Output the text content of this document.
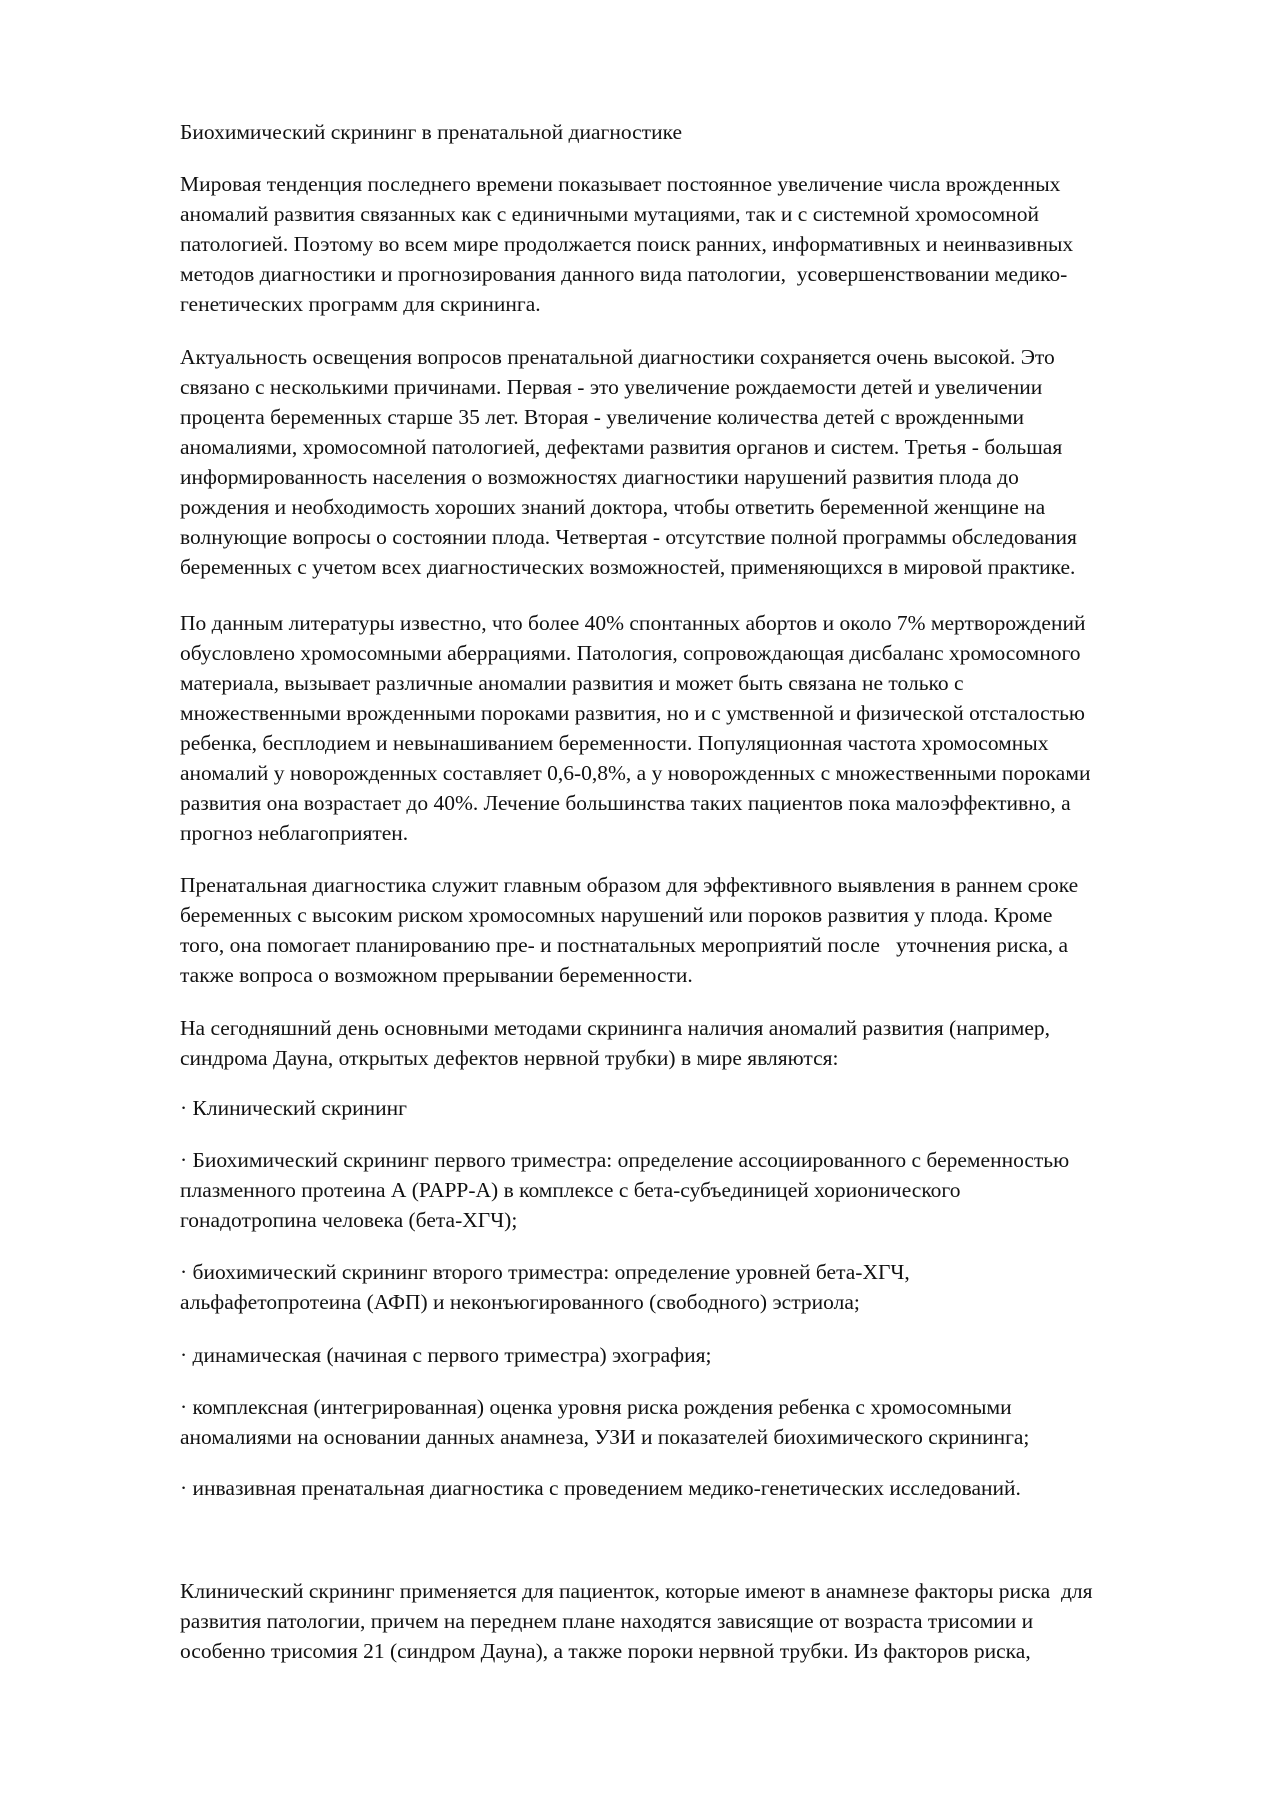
Биохимический скрининг в пренатальной диагностике
Мировая тенденция последнего времени показывает постоянное увеличение числа врожденных
аномалий развития связанных как с единичными мутациями, так и с системной хромосомной
патологией. Поэтому во всем мире продолжается поиск ранних, информативных и неинвазивных
методов диагностики и прогнозирования данного вида патологии,  усовершенствовании медико-
генетических программ для скрининга.
Актуальность освещения вопросов пренатальной диагностики сохраняется очень высокой. Это
связано с несколькими причинами. Первая - это увеличение рождаемости детей и увеличении
процента беременных старше 35 лет. Вторая - увеличение количества детей с врожденными
аномалиями, хромосомной патологией, дефектами развития органов и систем. Третья - большая
информированность населения о возможностях диагностики нарушений развития плода до
рождения и необходимость хороших знаний доктора, чтобы ответить беременной женщине на
волнующие вопросы о состоянии плода. Четвертая - отсутствие полной программы обследования
беременных с учетом всех диагностических возможностей, применяющихся в мировой практике.
По данным литературы известно, что более 40% спонтанных абортов и около 7% мертворождений
обусловлено хромосомными аберрациями. Патология, сопровождающая дисбаланс хромосомного
материала, вызывает различные аномалии развития и может быть связана не только с
множественными врожденными пороками развития, но и с умственной и физической отсталостью
ребенка, бесплодием и невынашиванием беременности. Популяционная частота хромосомных
аномалий у новорожденных составляет 0,6-0,8%, а у новорожденных с множественными пороками
развития она возрастает до 40%. Лечение большинства таких пациентов пока малоэффективно, а
прогноз неблагоприятен.
Пренатальная диагностика служит главным образом для эффективного выявления в раннем сроке
беременных с высоким риском хромосомных нарушений или пороков развития у плода. Кроме
того, она помогает планированию пре- и постнатальных мероприятий после   уточнения риска, а
также вопроса о возможном прерывании беременности.
На сегодняшний день основными методами скрининга наличия аномалий развития (например,
синдрома Дауна, открытых дефектов нервной трубки) в мире являются:
· Клинический скрининг
· Биохимический скрининг первого триместра: определение ассоциированного с беременностью
плазменного протеина А (PAPP-A) в комплексе с бета-субъединицей хорионического
гонадотропина человека (бета-ХГЧ);
· биохимический скрининг второго триместра: определение уровней бета-ХГЧ,
альфафетопротеина (АФП) и неконъюгированного (свободного) эстриола;
· динамическая (начиная с первого триместра) эхография;
· комплексная (интегрированная) оценка уровня риска рождения ребенка с хромосомными
аномалиями на основании данных анамнеза, УЗИ и показателей биохимического скрининга;
· инвазивная пренатальная диагностика с проведением медико-генетических исследований.
Клинический скрининг применяется для пациенток, которые имеют в анамнезе факторы риска  для
развития патологии, причем на переднем плане находятся зависящие от возраста трисомии и
особенно трисомия 21 (синдром Дауна), а также пороки нервной трубки. Из факторов риска,
